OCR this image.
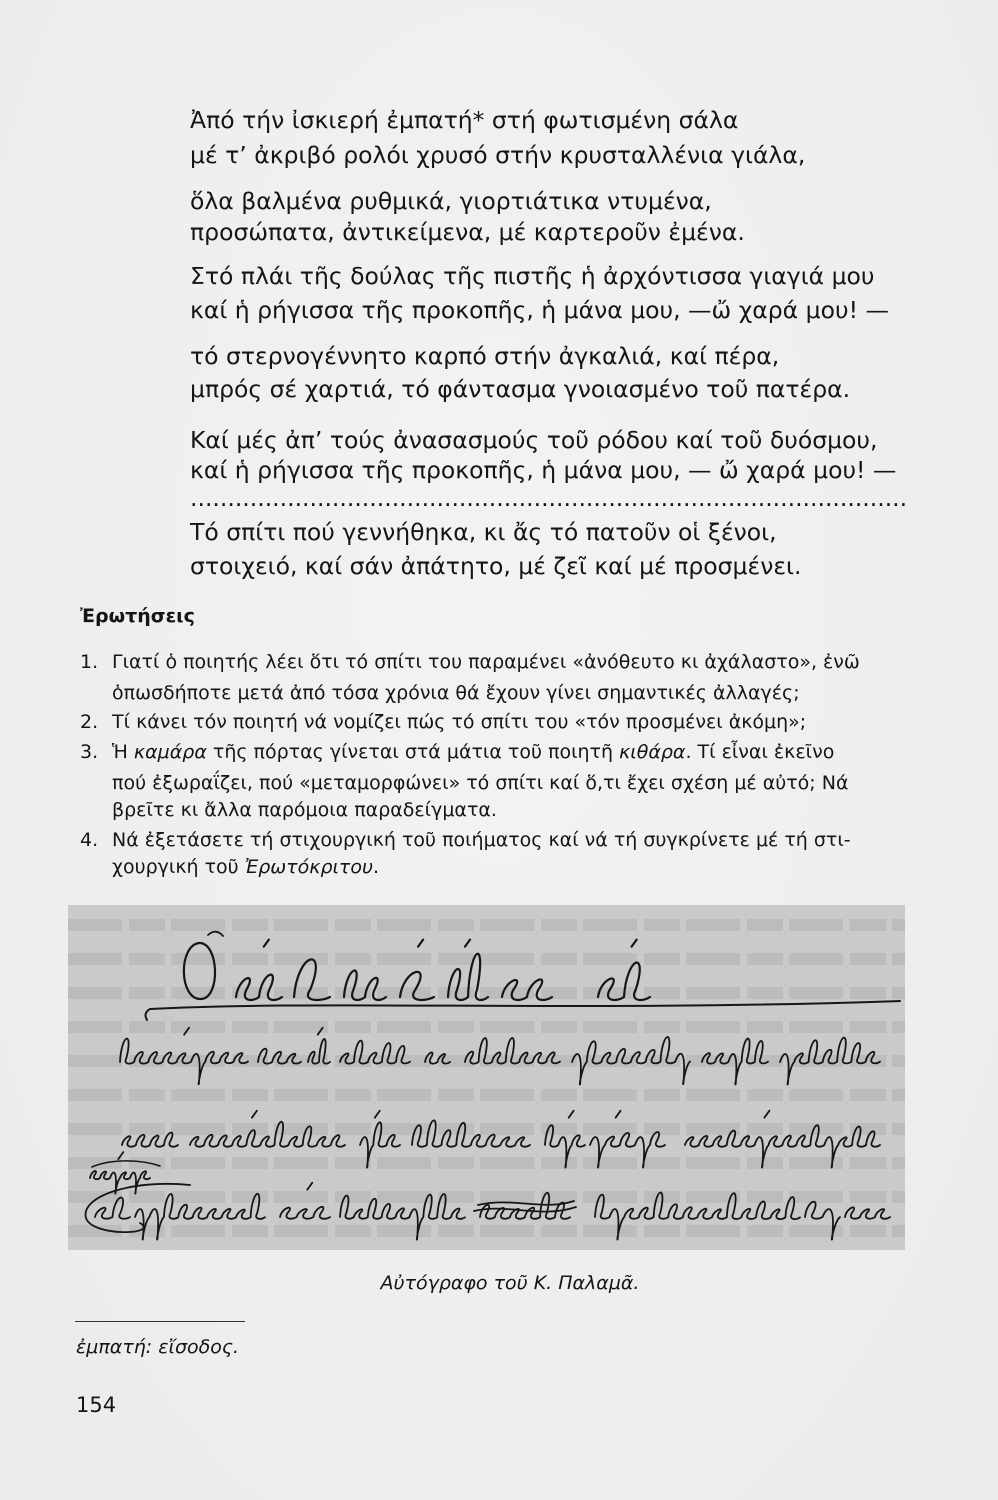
Ἀπό τήν ἰσκιερή ἐμπατή* στή φωτισμένη σάλα
μέ τ’ ἀκριβό ρολόι χρυσό στήν κρυσταλλένια γιάλα,
ὅλα βαλμένα ρυθμικά, γιορτιάτικα ντυμένα,
προσώπατα, ἀντικείμενα, μέ καρτεροῦν ἐμένα.
Στό πλάι τῆς δούλας τῆς πιστῆς ἡ ἀρχόντισσα γιαγιά μου
καί ἡ ρήγισσα τῆς προκοπῆς, ἡ μάνα μου, —ὤ χαρά μου! —
τό στερνογέννητο καρπό στήν ἀγκαλιά, καί πέρα,
μπρός σέ χαρτιά, τό φάντασμα γνοιασμένο τοῦ πατέρα.
Καί μές ἀπ’ τούς ἀνασασμούς τοῦ ρόδου καί τοῦ δυόσμου,
καί ἡ ρήγισσα τῆς προκοπῆς, ἡ μάνα μου, — ὤ χαρά μου! —
................................................................................................
Τό σπίτι πού γεννήθηκα, κι ἄς τό πατοῦν οἱ ξένοι,
στοιχειό, καί σάν ἀπάτητο, μέ ζεῖ καί μέ προσμένει.
Ἐρωτήσεις
1. Γιατί ὁ ποιητής λέει ὅτι τό σπίτι του παραμένει «ἀνόθευτο κι ἀχάλαστο», ἐνῶ
ὁπωσδήποτε μετά ἀπό τόσα χρόνια θά ἔχουν γίνει σημαντικές ἀλλαγές;
2. Τί κάνει τόν ποιητή νά νομίζει πώς τό σπίτι του «τόν προσμένει ἀκόμη»;
3. Ἡ καμάρα τῆς πόρτας γίνεται στά μάτια τοῦ ποιητῆ κιθάρα. Τί εἶναι ἐκεῖνο
πού ἐξωραΐζει, πού «μεταμορφώνει» τό σπίτι καί ὅ,τι ἔχει σχέση μέ αὐτό; Νά
βρεῖτε κι ἄλλα παρόμοια παραδείγματα.
4. Νά ἐξετάσετε τή στιχουργική τοῦ ποιήματος καί νά τή συγκρίνετε μέ τή στι-
χουργική τοῦ Ἐρωτόκριτου.
Αὐτόγραφο τοῦ Κ. Παλαμᾶ.
ἐμπατή: εἴσοδος.
154
